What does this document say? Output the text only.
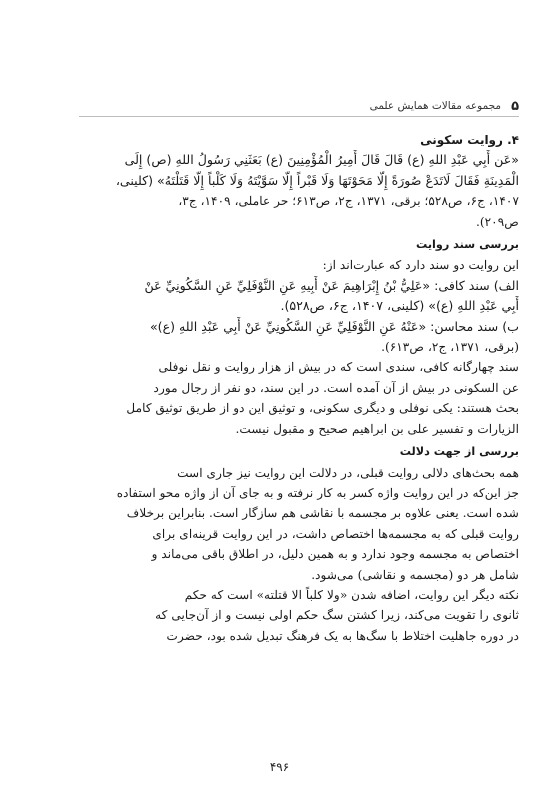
۵
مجموعه مقالات همایش علمی
۴. روایت سکونی
«عَن أَبِي عَبْدِ اللهِ (ع) قَالَ قَالَ أَمِيرُ الْمُؤْمِنِينَ (ع) بَعَثَنِي رَسُولُ اللهِ (ص) إِلَى
الْمَدِينَةِ فَقَالَ لَاتَدَعْ صُورَةً إِلَّا مَحَوْتَهَا وَلَا قَبْراً إِلَّا سَوَّيْتَهُ وَلَا كَلْباً إِلَّا قَتَلْتَهُ» (کلینی،
۱۴۰۷، ج۶، ص۵۲۸؛ برقی، ۱۳۷۱، ج۲، ص۶۱۳؛ حر عاملی، ۱۴۰۹، ج۳،
ص۲۰۹).
بررسی سند روایت
این روایت دو سند دارد که عبارت‌اند از:
الف) سند کافی: «عَلِيُّ بْنُ إِبْرَاهِيمَ عَنْ أَبِيهِ عَنِ النَّوْفَلِيِّ عَنِ السَّكُونِيِّ عَنْ
أَبِي عَبْدِ اللهِ (ع)» (کلینی، ۱۴۰۷، ج۶، ص۵۲۸).
ب) سند محاسن: «عَنْهُ عَنِ النَّوْفَلِيِّ عَنِ السَّكُونِيِّ عَنْ أَبِي عَبْدِ اللهِ (ع)»
(برقی، ۱۳۷۱، ج۲، ص۶۱۳).
سند چهارگانه کافی، سندی است که در بیش از هزار روایت و نقل نوفلی
عن السکونی در بیش از آن آمده است. در این سند، دو نفر از رجال مورد
بحث هستند: یکی نوفلی و دیگری سکونی، و توثیق این دو از طریق توثیق کامل
الزیارات و تفسیر علی بن ابراهیم صحیح و مقبول نیست.
بررسی از جهت دلالت
همه بحث‌های دلالی روایت قبلی، در دلالت این روایت نیز جاری است
جز این‌که در این روایت واژه کسر به کار نرفته و به جای آن از واژه محو استفاده
شده است. یعنی علاوه بر مجسمه با نقاشی هم سازگار است. بنابراین برخلاف
روایت قبلی که به مجسمه‌ها اختصاص داشت، در این روایت قرینه‌ای برای
اختصاص به مجسمه وجود ندارد و به همین دلیل، در اطلاق باقی می‌ماند و
شامل هر دو (مجسمه و نقاشی) می‌شود.
نکته دیگر این روایت، اضافه شدن «ولا کلباً الا قتلته» است که حکم
ثانوی را تقویت می‌کند، زیرا کشتن سگ حکم اولی نیست و از آن‌جایی که
در دوره جاهلیت اختلاط با سگ‌ها به یک فرهنگ تبدیل شده بود، حضرت
۴۹۶
